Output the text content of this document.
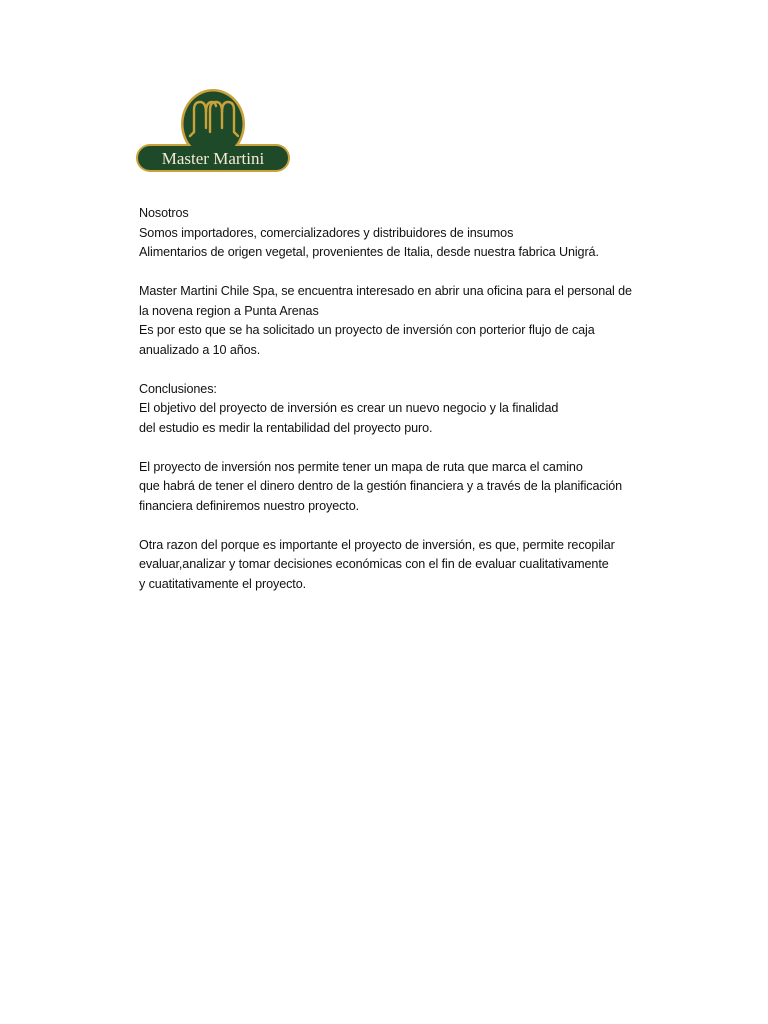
Master Martini
Nosotros
Somos importadores, comercializadores y distribuidores de insumos
Alimentarios de origen vegetal, provenientes de Italia, desde nuestra fabrica Unigrá.
Master Martini Chile Spa, se encuentra interesado en abrir una oficina para el personal de
la novena region a Punta Arenas
Es por esto que se ha solicitado un proyecto de inversión con porterior flujo de caja
anualizado a 10 años.
Conclusiones:
El objetivo del proyecto de inversión es crear un nuevo negocio y la finalidad
del estudio es medir la rentabilidad del proyecto puro.
El proyecto de inversión nos permite tener un mapa de ruta que marca el camino
que habrá de tener el dinero dentro de la gestión financiera y a través de la planificación
financiera definiremos nuestro proyecto.
Otra razon del porque es importante el proyecto de inversión, es que, permite recopilar
evaluar,analizar y tomar decisiones económicas con el fin de evaluar cualitativamente
y cuatitativamente el proyecto.
